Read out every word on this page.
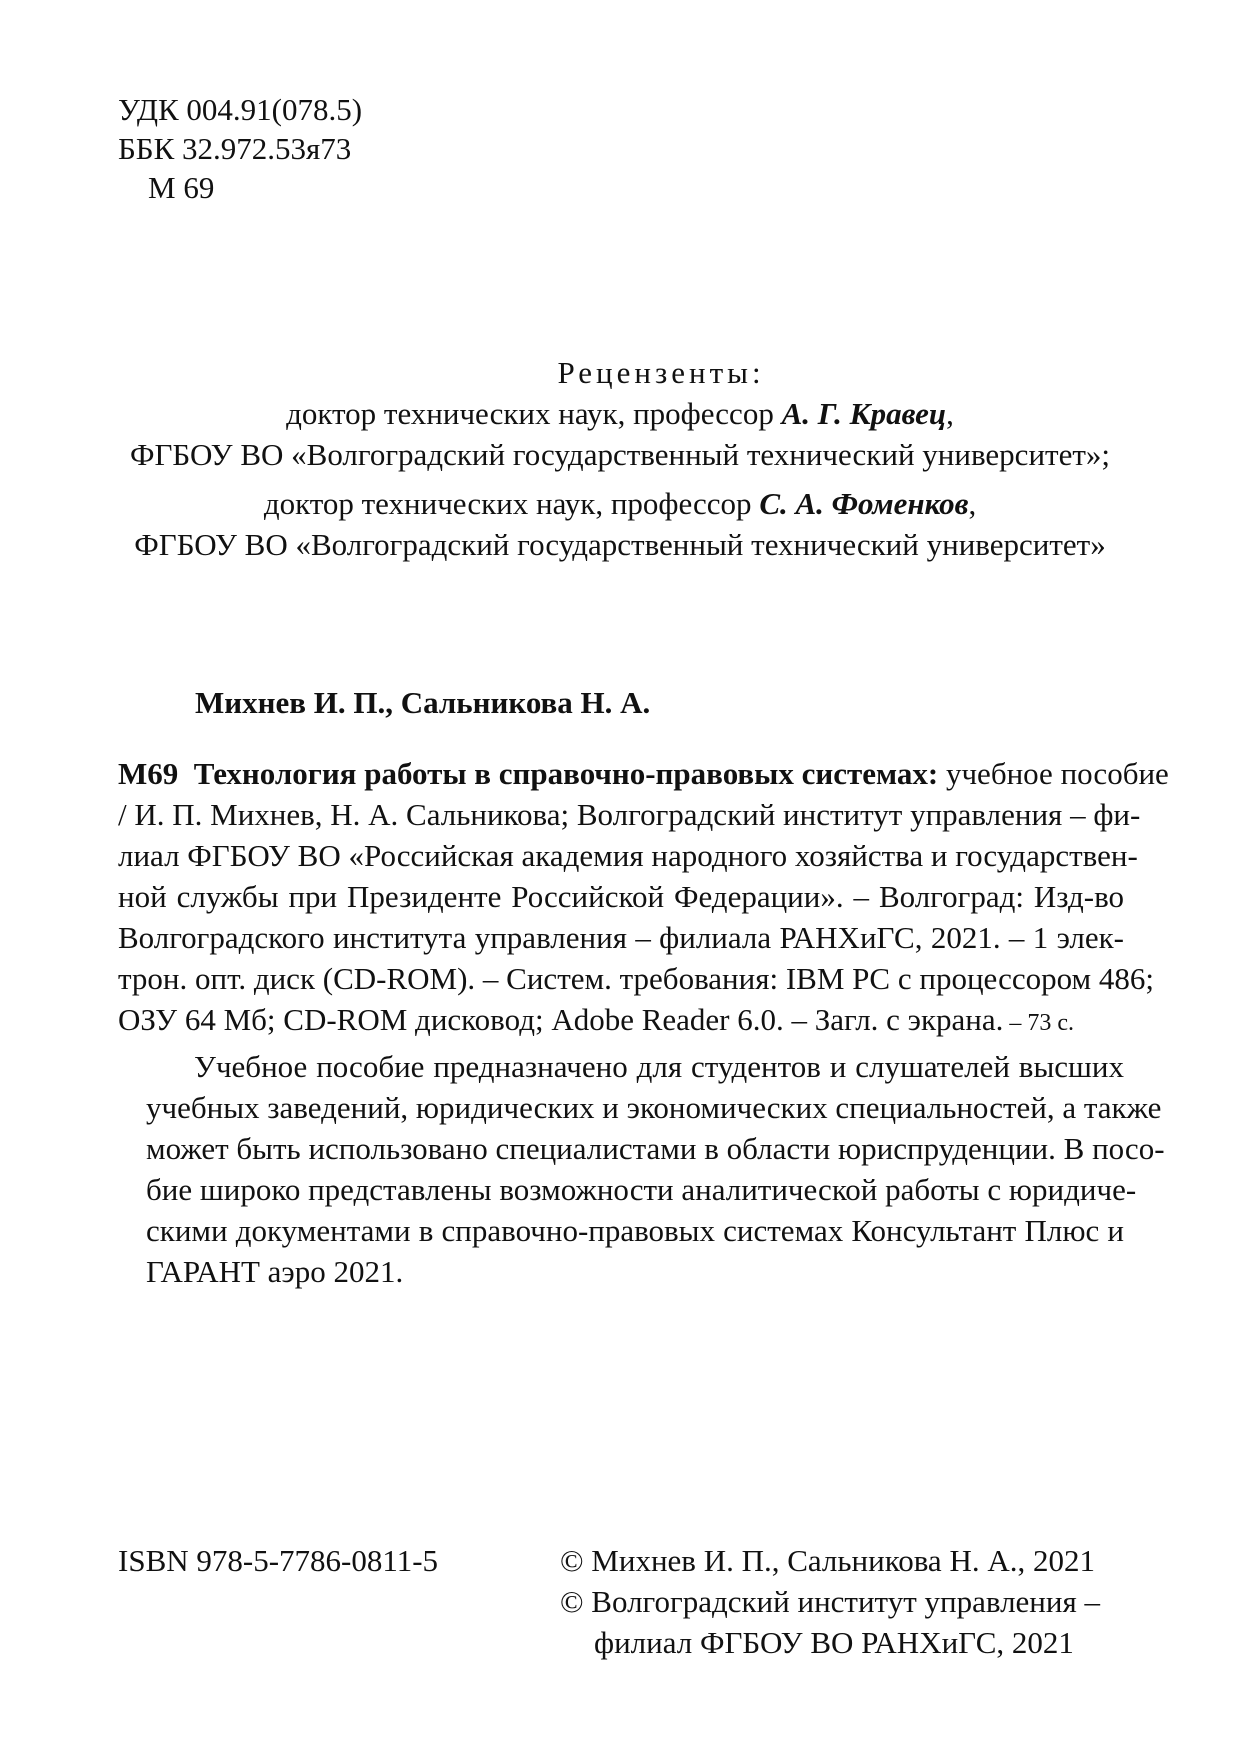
УДК 004.91(078.5)
ББК 32.972.53я73
М 69
Рецензенты:
доктор технических наук, профессор А. Г. Кравец,
ФГБОУ ВО «Волгоградский государственный технический университет»;
доктор технических наук, профессор С. А. Фоменков,
ФГБОУ ВО «Волгоградский государственный технический университет»
Михнев И. П., Сальникова Н. А.
М69 Технология работы в справочно-правовых системах: учебное пособие
/ И. П. Михнев, Н. А. Сальникова; Волгоградский институт управления – фи-
лиал ФГБОУ ВО «Российская академия народного хозяйства и государствен-
ной службы при Президенте Российской Федерации». – Волгоград: Изд-во
Волгоградского института управления – филиала РАНХиГС, 2021. – 1 элек-
трон. опт. диск (CD-ROM). – Систем. требования: IBM PC с процессором 486;
ОЗУ 64 Мб; CD-ROM дисковод; Adobe Reader 6.0. – Загл. с экрана. – 73 с.
Учебное пособие предназначено для студентов и слушателей высших
учебных заведений, юридических и экономических специальностей, а также
может быть использовано специалистами в области юриспруденции. В посо-
бие широко представлены возможности аналитической работы с юридиче-
скими документами в справочно-правовых системах Консультант Плюс и
ГАРАНТ аэро 2021.
ISBN 978-5-7786-0811-5	© Михнев И. П., Сальникова Н. А., 2021
© Волгоградский институт управления –
филиал ФГБОУ ВО РАНХиГС, 2021
